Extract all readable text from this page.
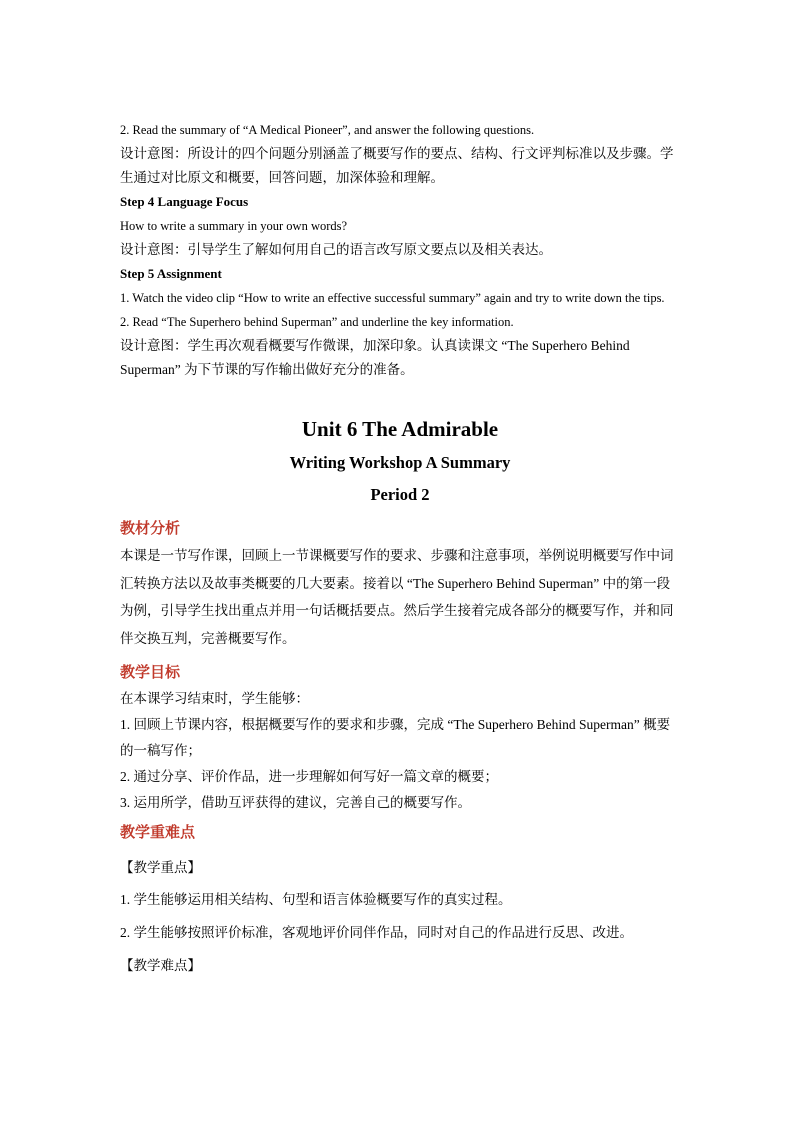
2. Read the summary of “A Medical Pioneer”, and answer the following questions.

设计意图：所设计的四个问题分别涵盖了概要写作的要点、结构、行文评判标准以及步骤。学生通过对比原文和概要，回答问题，加深体验和理解。

Step 4 Language Focus

How to write a summary in your own words?

设计意图：引导学生了解如何用自己的语言改写原文要点以及相关表达。

Step 5 Assignment

1. Watch the video clip “How to write an effective successful summary” again and try to write down the tips.

2. Read “The Superhero behind Superman” and underline the key information.

设计意图：学生再次观看概要写作微课，加深印象。认真读课文 “The Superhero Behind Superman” 为下节课的写作输出做好充分的准备。

Unit 6 The Admirable
Writing Workshop A Summary
Period 2
教材分析

本课是一节写作课，回顾上一节课概要写作的要求、步骤和注意事项，举例说明概要写作中词汇转换方法以及故事类概要的几大要素。接着以 “The Superhero Behind Superman” 中的第一段为例，引导学生找出重点并用一句话概括要点。然后学生接着完成各部分的概要写作，并和同伴交换互判，完善概要写作。

教学目标

在本课学习结束时，学生能够：

1. 回顾上节课内容，根据概要写作的要求和步骤，完成 “The Superhero Behind Superman” 概要的一稿写作；

2. 通过分享、评价作品，进一步理解如何写好一篇文章的概要；

3. 运用所学，借助互评获得的建议，完善自己的概要写作。

教学重难点

【教学重点】

1. 学生能够运用相关结构、句型和语言体验概要写作的真实过程。

2. 学生能够按照评价标准，客观地评价同伴作品，同时对自己的作品进行反思、改进。

【教学难点】
